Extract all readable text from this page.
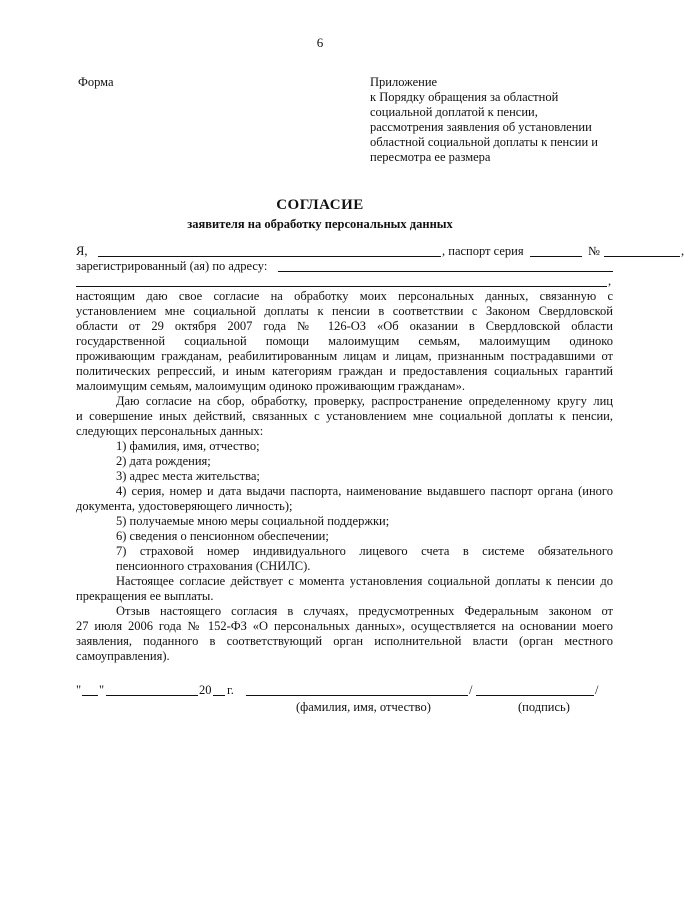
6
Форма	Приложение
к Порядку обращения за областной
социальной доплатой к пенсии,
рассмотрения заявления об установлении
областной социальной доплаты к пенсии и
пересмотра ее размера
СОГЛАСИЕ
заявителя на обработку персональных данных
Я,	, паспорт серия	№	,
зарегистрированный (ая) по адресу:
,
настоящим даю свое согласие на обработку моих персональных данных, связанную с
установлением мне социальной доплаты к пенсии в соответствии с Законом Свердловской
области от 29 октября 2007 года № 126-ОЗ «Об оказании в Свердловской области
государственной социальной помощи малоимущим семьям, малоимущим одиноко
проживающим гражданам, реабилитированным лицам и лицам, признанным пострадавшими от
политических репрессий, и иным категориям граждан и предоставления социальных гарантий
малоимущим семьям, малоимущим одиноко проживающим гражданам».
Даю согласие на сбор, обработку, проверку, распространение определенному кругу лиц
и совершение иных действий, связанных с установлением мне социальной доплаты к пенсии,
следующих персональных данных:
1) фамилия, имя, отчество;
2) дата рождения;
3) адрес места жительства;
4) серия, номер и дата выдачи паспорта, наименование выдавшего паспорт органа (иного
документа, удостоверяющего личность);
5) получаемые мною меры социальной поддержки;
6) сведения о пенсионном обеспечении;
7) страховой номер индивидуального лицевого счета в системе обязательного
пенсионного страхования (СНИЛС).
Настоящее согласие действует с момента установления социальной доплаты к пенсии до
прекращения ее выплаты.
Отзыв настоящего согласия в случаях, предусмотренных Федеральным законом от
27 июля 2006 года № 152-ФЗ «О персональных данных», осуществляется на основании моего
заявления, поданного в соответствующий орган исполнительной власти (орган местного
самоуправления).
" "	20 г.	/	/
(фамилия, имя, отчество)	(подпись)
